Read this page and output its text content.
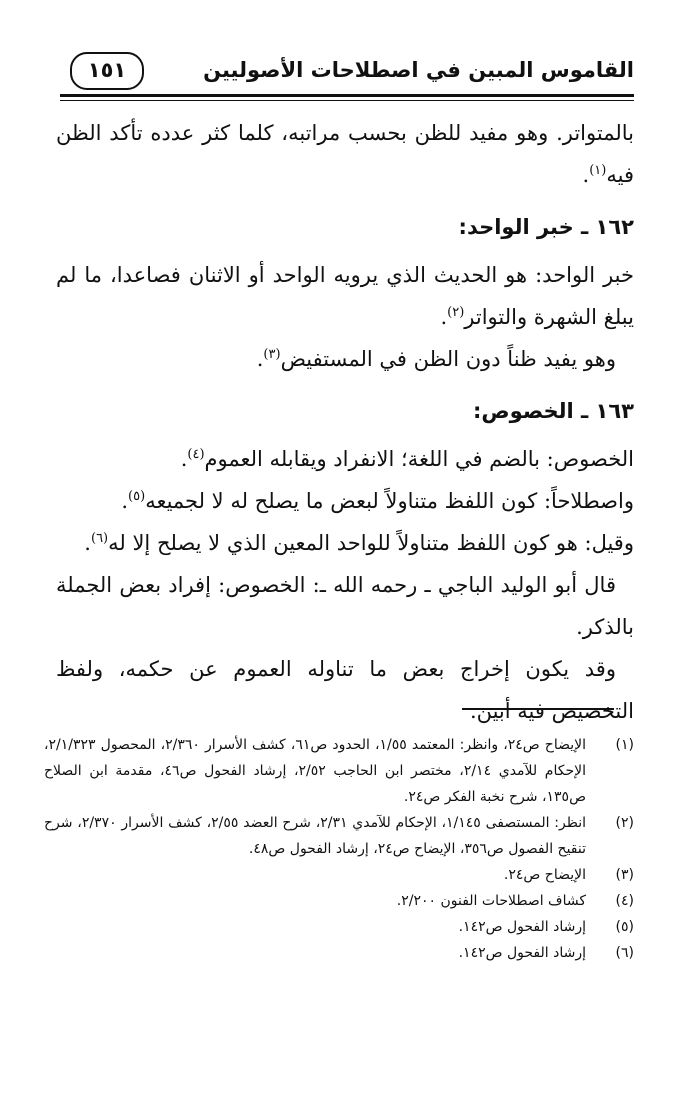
القاموس المبين في اصطلاحات الأصوليين
١٥١

بالمتواتر. وهو مفيد للظن بحسب مراتبه، كلما كثر عدده تأكد الظن فيه$^{(١)}$.

١٦٢ ـ خبر الواحد:

خبر الواحد: هو الحديث الذي يرويه الواحد أو الاثنان فصاعدا، ما لم يبلغ الشهرة والتواتر$^{(٢)}$.

وهو يفيد ظناً دون الظن في المستفيض$^{(٣)}$.

١٦٣ ـ الخصوص:

الخصوص: بالضم في اللغة؛ الانفراد ويقابله العموم$^{(٤)}$.

واصطلاحاً: كون اللفظ متناولاً لبعض ما يصلح له لا لجميعه$^{(٥)}$.

وقيل: هو كون اللفظ متناولاً للواحد المعين الذي لا يصلح إلا له$^{(٦)}$.

قال أبو الوليد الباجي ـ رحمه الله ـ: الخصوص: إفراد بعض الجملة بالذكر.

وقد يكون إخراج بعض ما تناوله العموم عن حكمه، ولفظ التخصيص فيه أبين.

(١)
الإيضاح ص٢٤، وانظر: المعتمد ١/٥٥، الحدود ص٦١، كشف الأسرار ٢/٣٦٠، المحصول ٢/١/٣٢٣، الإحكام للآمدي ٢/١٤، مختصر ابن الحاجب ٢/٥٢، إرشاد الفحول ص٤٦، مقدمة ابن الصلاح ص١٣٥، شرح نخبة الفكر ص٢٤.
(٢)
انظر: المستصفى ١/١٤٥، الإحكام للآمدي ٢/٣١، شرح العضد ٢/٥٥، كشف الأسرار ٢/٣٧٠، شرح تنقيح الفصول ص٣٥٦، الإيضاح ص٢٤، إرشاد الفحول ص٤٨.
(٣)
الإيضاح ص٢٤.
(٤)
كشاف اصطلاحات الفنون ٢/٢٠٠.
(٥)
إرشاد الفحول ص١٤٢.
(٦)
إرشاد الفحول ص١٤٢.
